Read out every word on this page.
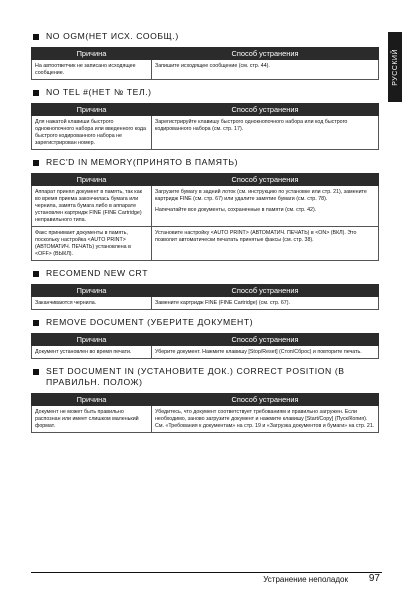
РУССКИЙ
NO OGM(НЕТ ИСХ. СООБЩ.)
Причина	Способ устранения
На автоответчик не записано исходящее сообщение.	Запишите исходящее сообщение (см. стр. 44).
NO TEL #(НЕТ № ТЕЛ.)
Причина	Способ устранения
Для нажатой клавиши быстрого однокнопочного набора или введенного кода быстрого кодированного набора не зарегистрирован номер.	Зарегистрируйте клавишу быстрого однокнопочного набора или код быстрого кодированного набора (см. стр. 17).
REC'D IN MEMORY(ПРИНЯТО В ПАМЯТЬ)
Причина	Способ устранения
Аппарат принял документ в память, так как во время приема закончилась бумага или чернила, замята бумага либо в аппарате установлен картридж FINE (FINE Cartridge) неправильного типа.	Загрузите бумагу в задний лоток (см. инструкцию по установке или стр. 21), замените картридж FINE (см. стр. 67) или удалите замятие бумаги (см. стр. 78).
Напечатайте все документы, сохраненные в памяти (см. стр. 42).

Факс принимает документы в память, поскольку настройка <AUTO PRINT> (АВТОМАТИЧ. ПЕЧАТЬ) установлена в <OFF> (ВЫКЛ).	Установите настройку <AUTO PRINT> (АВТОМАТИЧ. ПЕЧАТЬ) в <ON> (ВКЛ). Это позволит автоматически печатать принятые факсы (см. стр. 38).
RECOMEND NEW CRT
Причина	Способ устранения
Заканчиваются чернила.	Замените картридж FINE (FINE Cartridge) (см. стр. 67).
REMOVE DOCUMENT (УБЕРИТЕ ДОКУМЕНТ)
Причина	Способ устранения
Документ установлен во время печати.	Уберите документ. Нажмите клавишу [Stop/Reset] (Стоп/Сброс) и повторите печать.
SET DOCUMENT IN (УСТАНОВИТЕ ДОК.) CORRECT POSITION (В ПРАВИЛЬН. ПОЛОЖ)
Причина	Способ устранения
Документ не может быть правильно распознан или имеет слишком маленький формат.	Убедитесь, что документ соответствует требованиям и правильно загружен. Если необходимо, заново загрузите документ и нажмите клавишу [Start/Copy] (Пуск/Копия). См. «Требования к документам» на стр. 19 и «Загрузка документов и бумаги» на стр. 21.
Устранение неполадок 97
